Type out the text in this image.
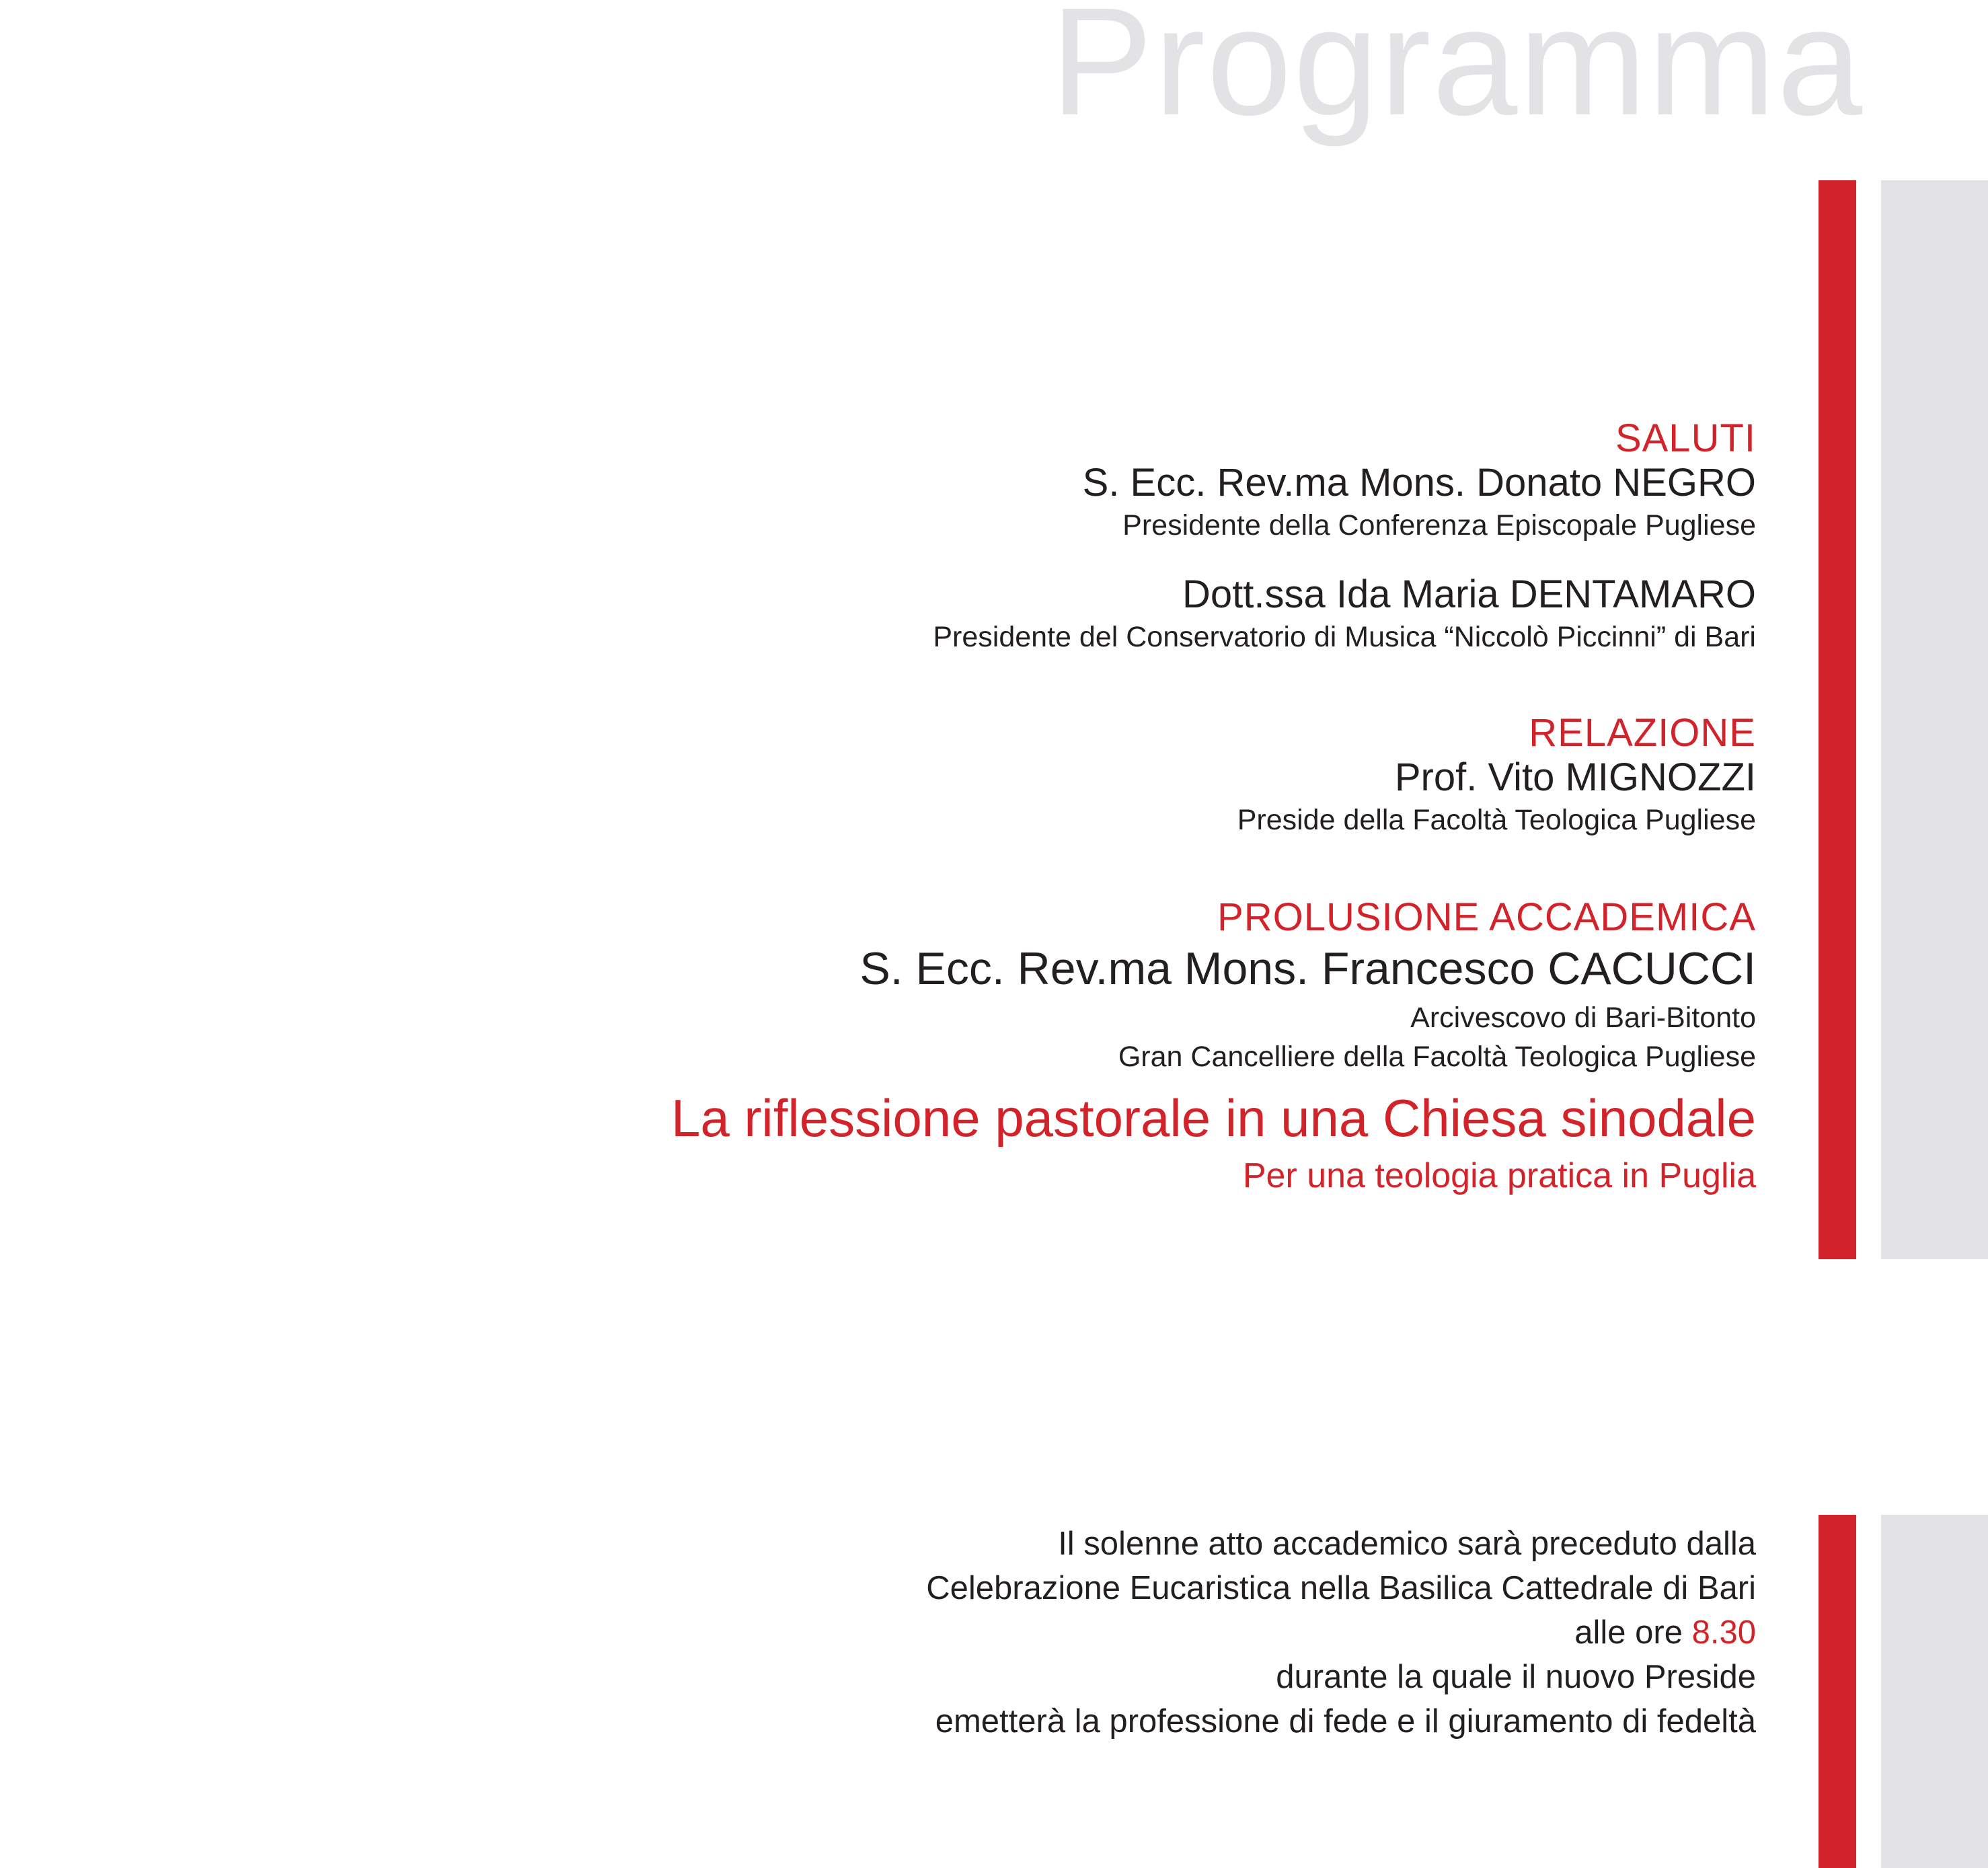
Programma
SALUTI
S. Ecc. Rev.ma Mons. Donato NEGRO
Presidente della Conferenza Episcopale Pugliese
Dott.ssa Ida Maria DENTAMARO
Presidente del Conservatorio di Musica “Niccolò Piccinni” di Bari
RELAZIONE
Prof. Vito MIGNOZZI
Preside della Facoltà Teologica Pugliese
PROLUSIONE ACCADEMICA
S. Ecc. Rev.ma Mons. Francesco CACUCCI
Arcivescovo di Bari-Bitonto
Gran Cancelliere della Facoltà Teologica Pugliese
La riflessione pastorale in una Chiesa sinodale
Per una teologia pratica in Puglia
Il solenne atto accademico sarà preceduto dalla
Celebrazione Eucaristica nella Basilica Cattedrale di Bari
alle ore 8.30
durante la quale il nuovo Preside
emetterà la professione di fede e il giuramento di fedeltà
